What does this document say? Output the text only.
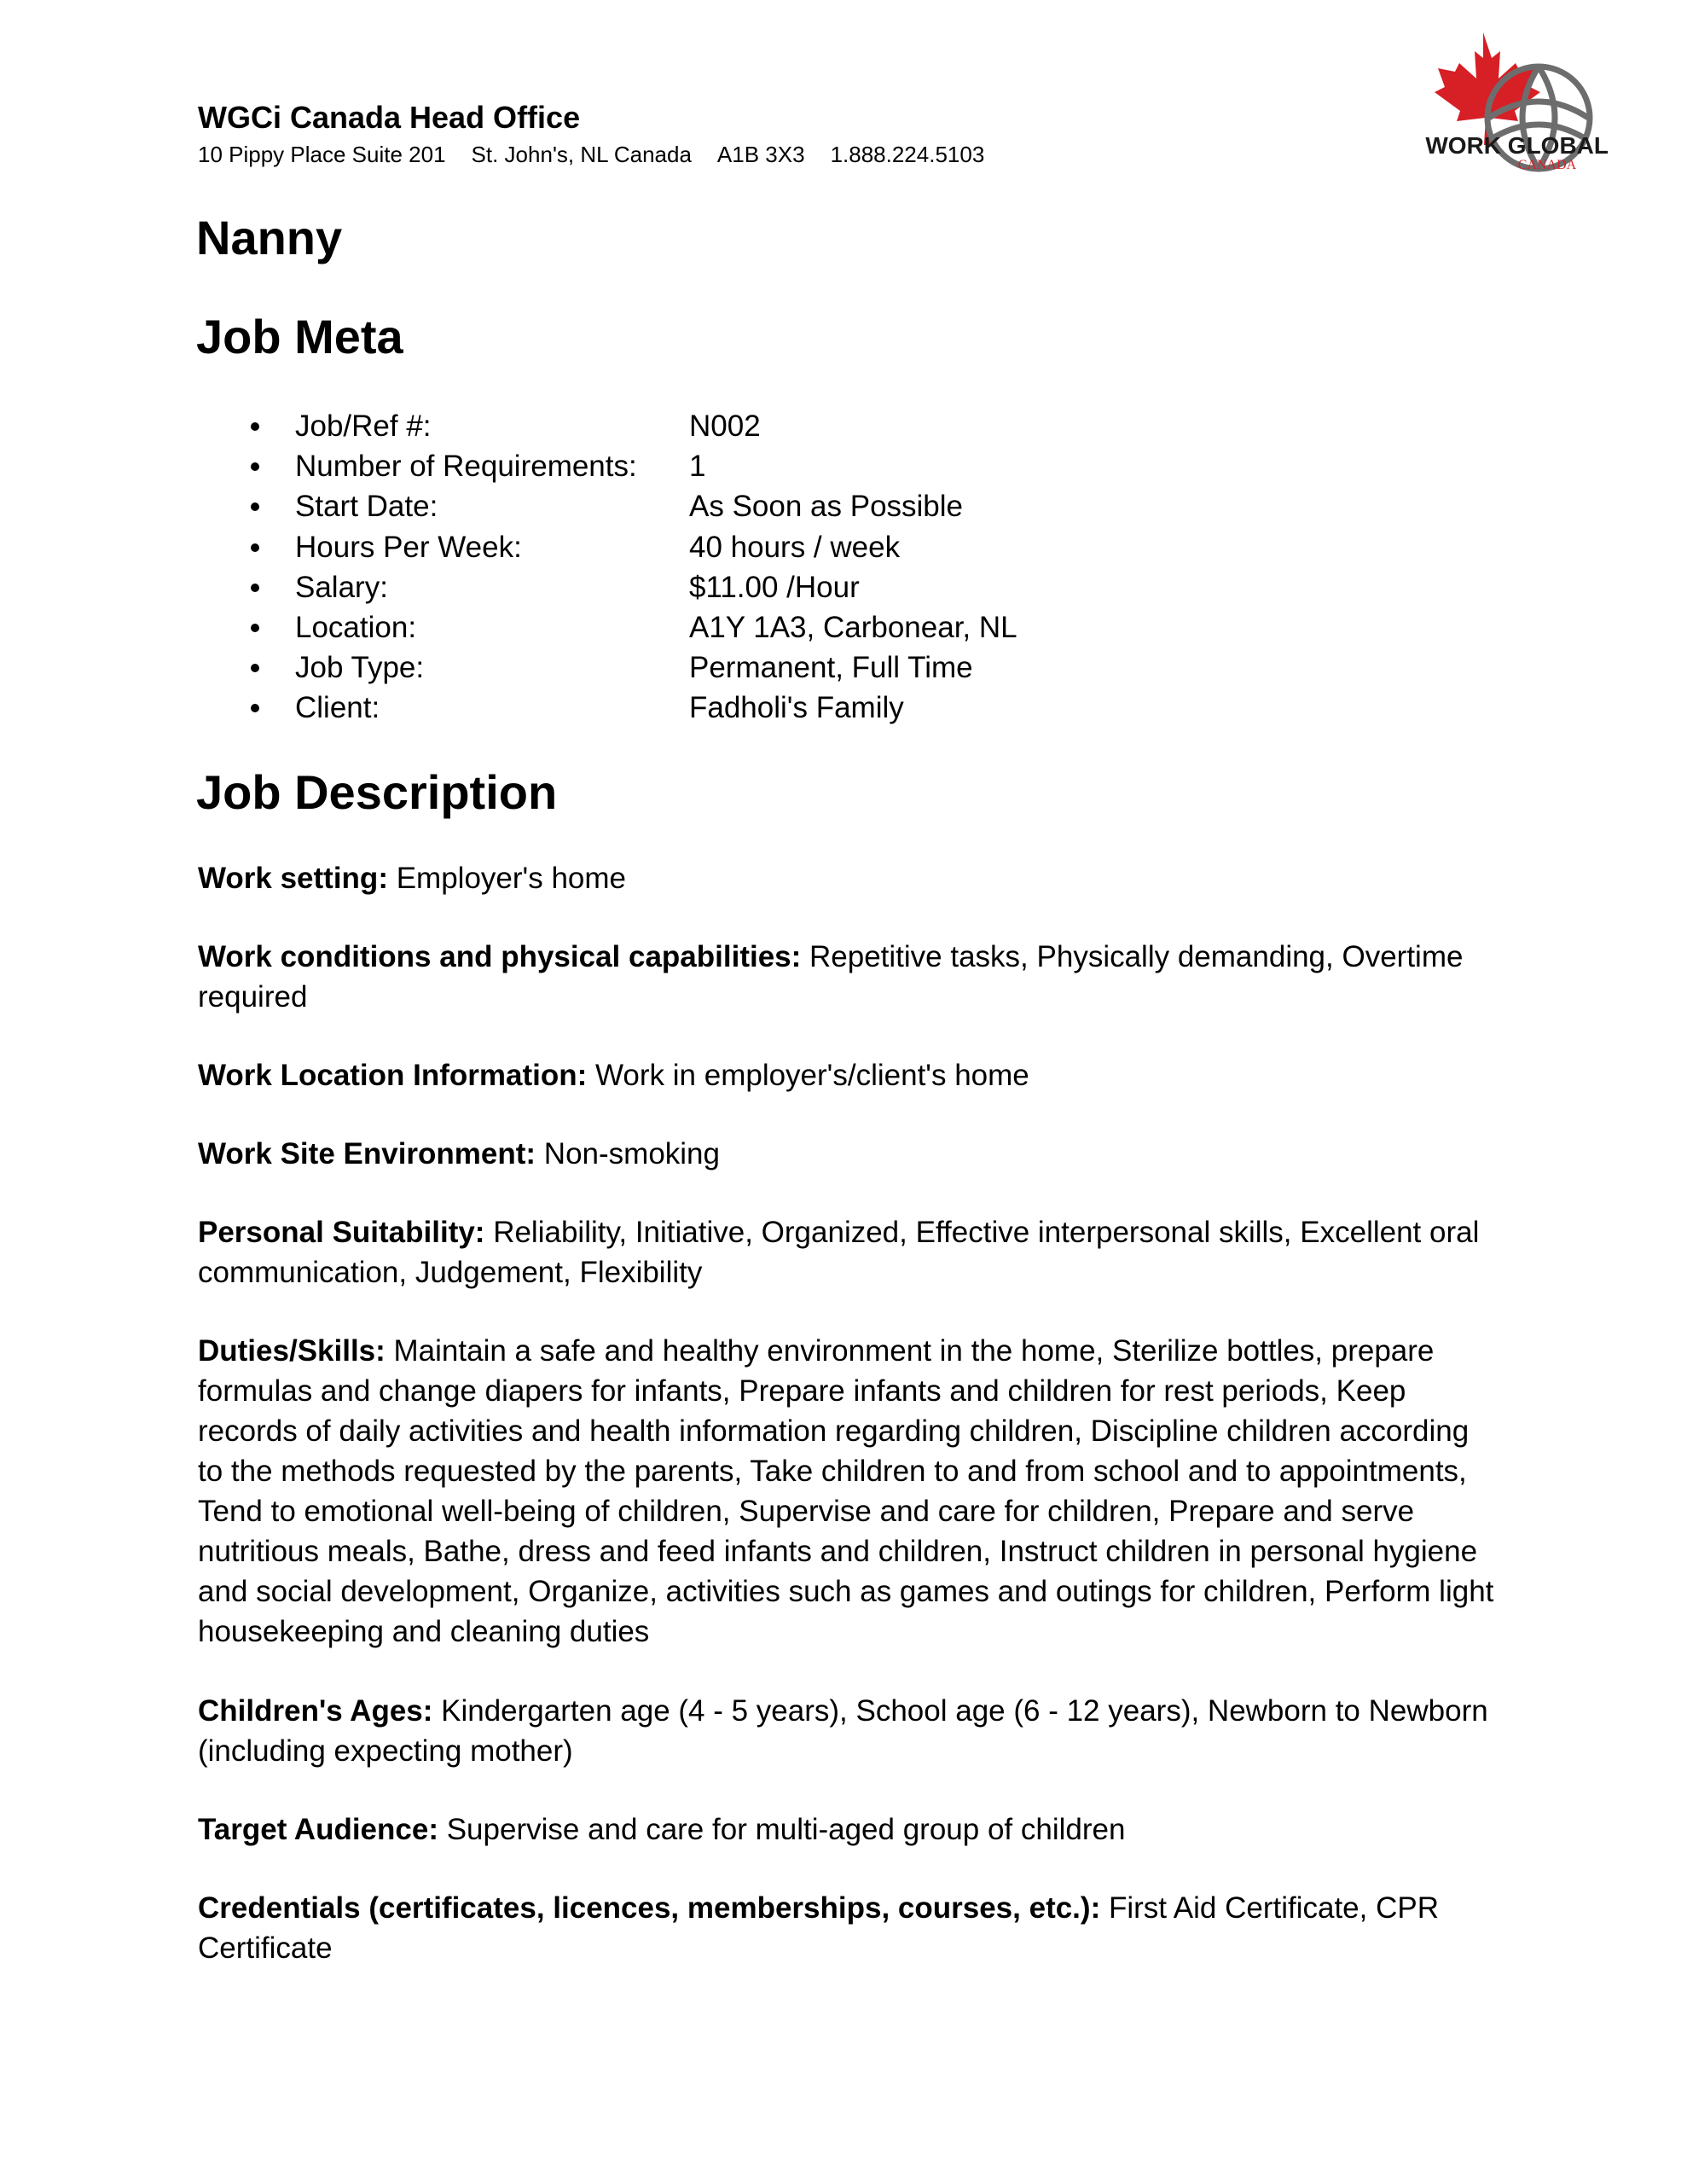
WGCi Canada Head Office
10 Pippy Place Suite 201 St. John's, NL Canada A1B 3X3 1.888.224.5103	WORK GLOBAL
CANADA
Nanny
Job Meta
Job/Ref #:	N002
Number of Requirements: 1
Start Date:	As Soon as Possible
Hours Per Week:	40 hours / week
Salary:	$11.00 /Hour
Location:	A1Y 1A3, Carbonear, NL
Job Type:	Permanent, Full Time
Client:	Fadholi's Family
Job Description

Work setting: Employer's home

Work conditions and physical capabilities: Repetitive tasks, Physically demanding, Overtime required

Work Location Information: Work in employer's/client's home

Work Site Environment: Non-smoking

Personal Suitability: Reliability, Initiative, Organized, Effective interpersonal skills, Excellent oral communication, Judgement, Flexibility

Duties/Skills: Maintain a safe and healthy environment in the home, Sterilize bottles, prepare formulas and change diapers for infants, Prepare infants and children for rest periods, Keep records of daily activities and health information regarding children, Discipline children according to the methods requested by the parents, Take children to and from school and to appointments, Tend to emotional well-being of children, Supervise and care for children, Prepare and serve nutritious meals, Bathe, dress and feed infants and children, Instruct children in personal hygiene and social development, Organize, activities such as games and outings for children, Perform light housekeeping and cleaning duties

Children's Ages: Kindergarten age (4 - 5 years), School age (6 - 12 years), Newborn to Newborn (including expecting mother)

Target Audience: Supervise and care for multi-aged group of children

Credentials (certificates, licences, memberships, courses, etc.): First Aid Certificate, CPR Certificate
